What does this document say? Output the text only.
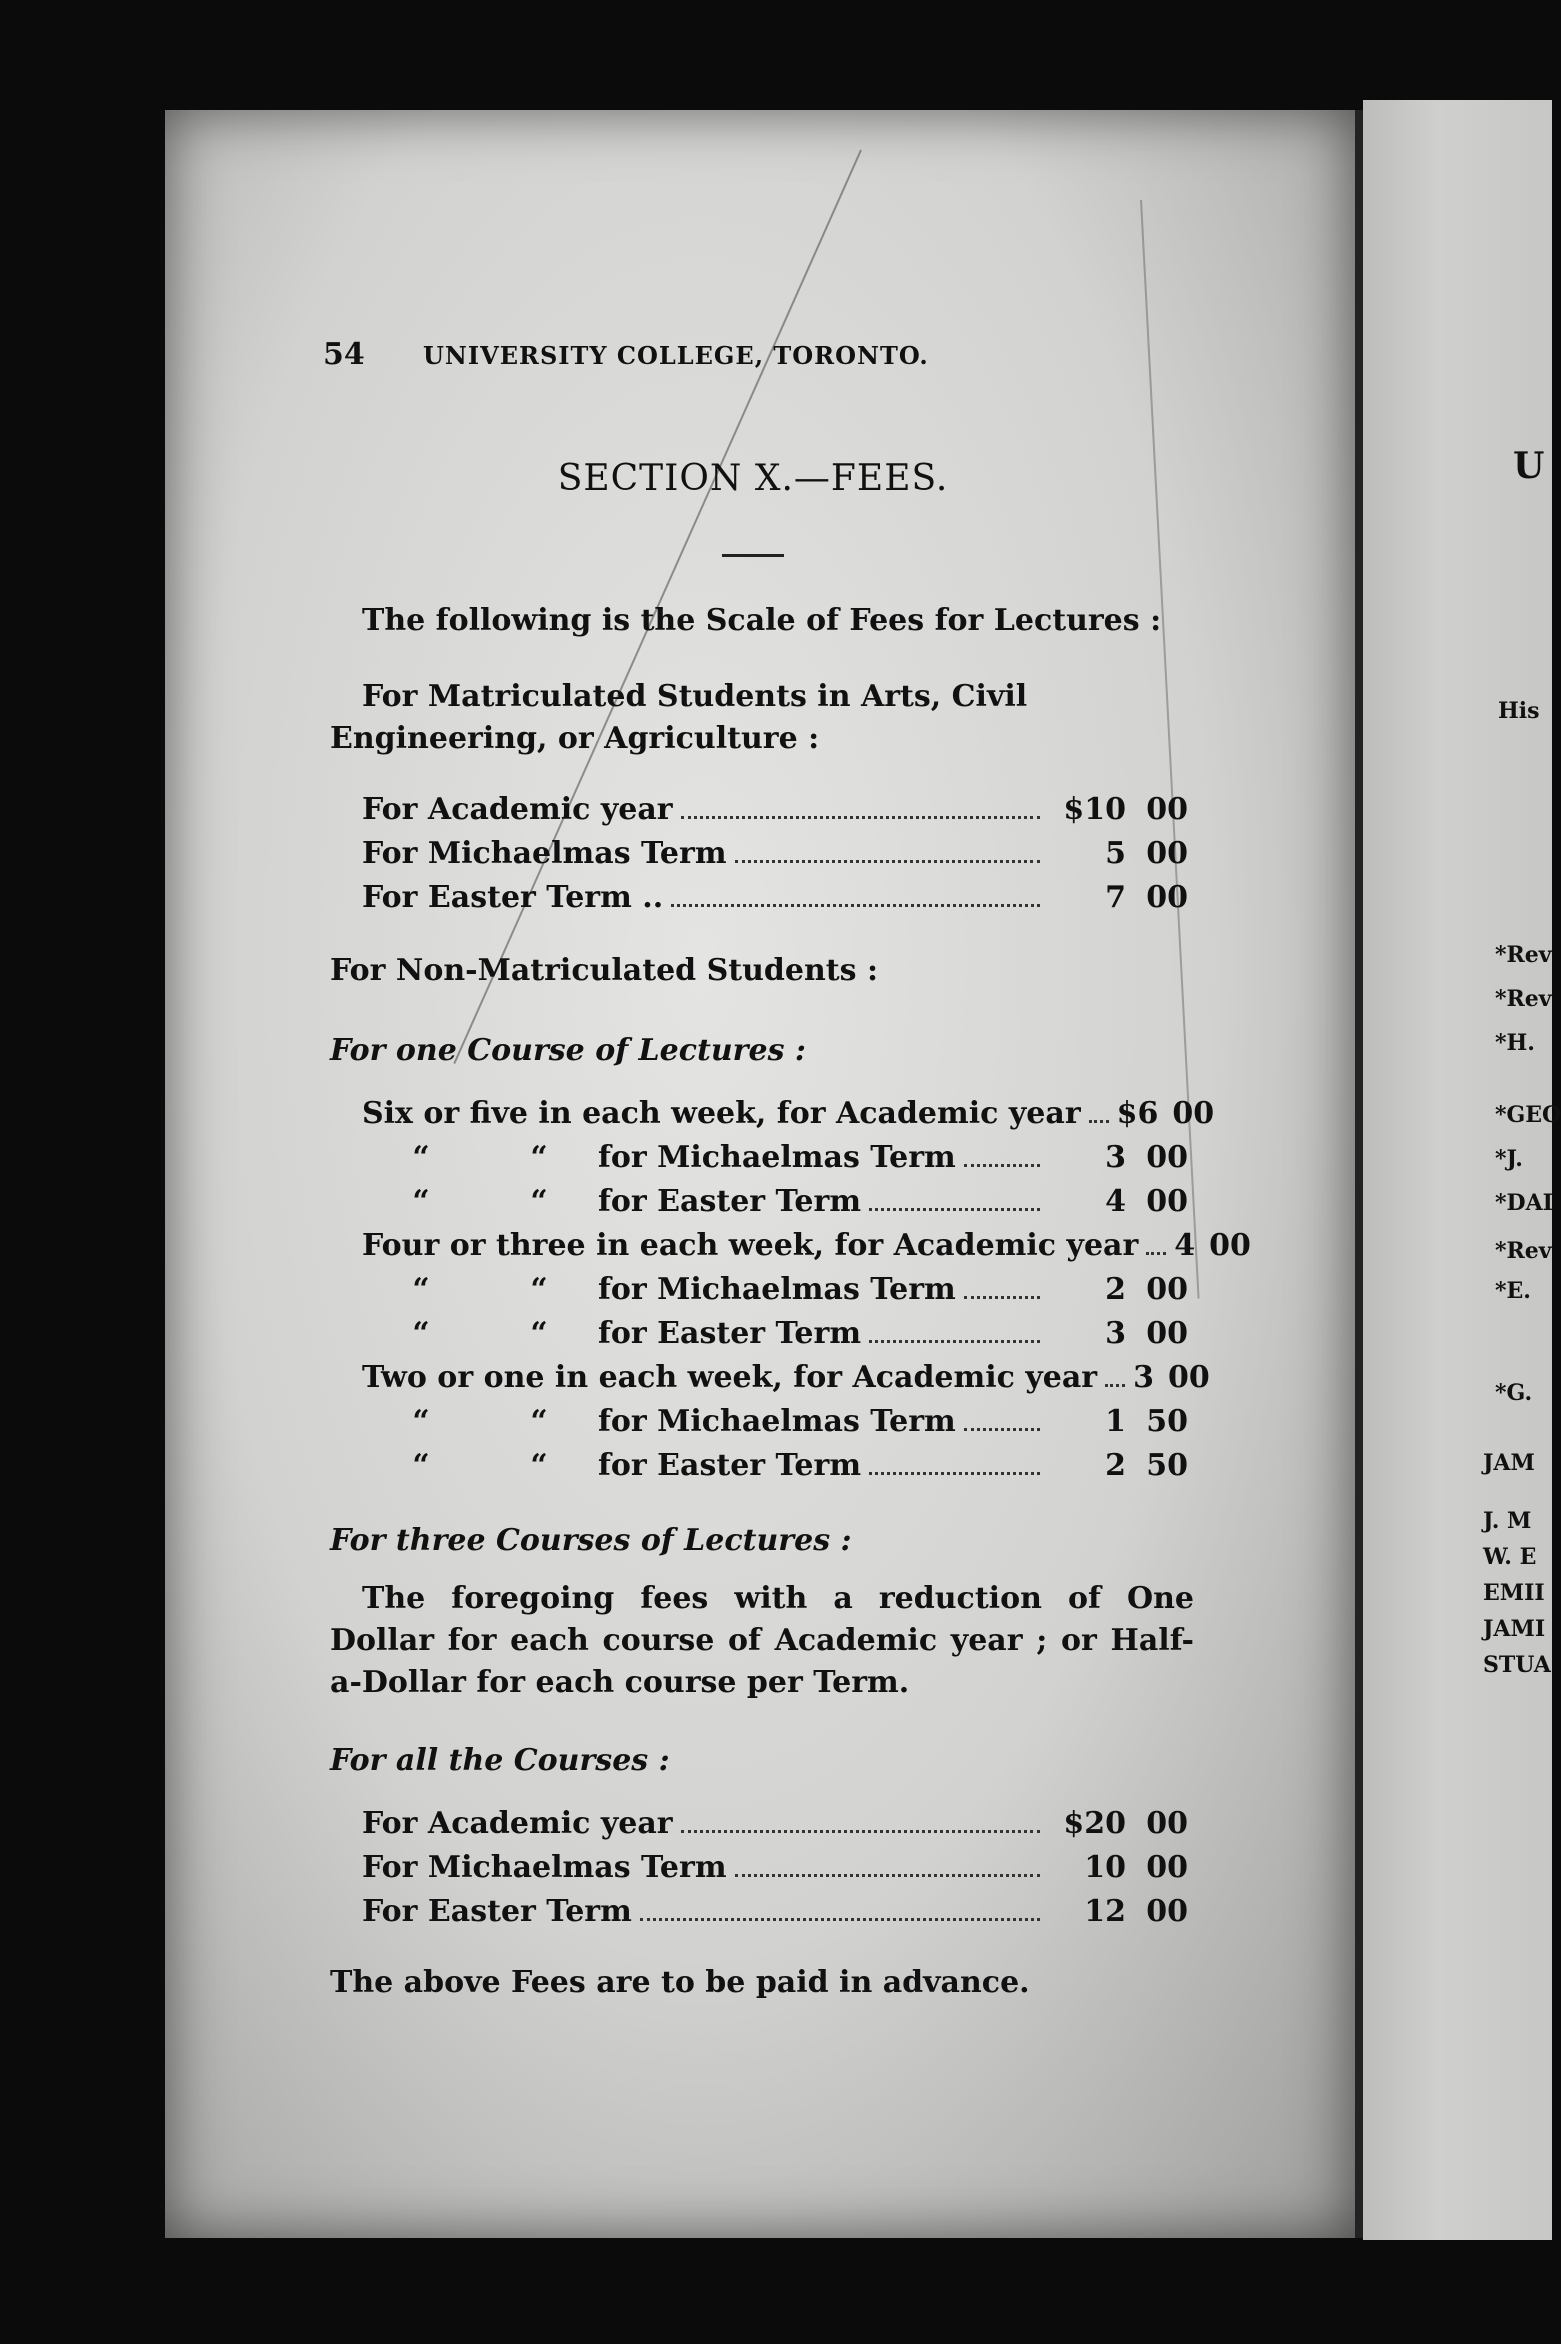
U
His
*Rev
*Rev
*H.
*GEO
*J.
*DAI
*Rev
*E.
*G.
JAM
J. M
W. E
EMII
JAMI
STUA
54	UNIVERSITY COLLEGE, TORONTO.
SECTION X.—FEES.
The following is the Scale of Fees for Lectures :
For Matriculated Students in Arts, Civil Engineering, or Agriculture :
For Academic year	$10 00
For Michaelmas Term	5 00
For Easter Term ..	7 00
For Non-Matriculated Students :
For one Course of Lectures :
Six or five in each week, for Academic year $6 00
“	“	for Michaelmas Term	3 00
“	“	for Easter Term	4 00
Four or three in each week, for Academic year 4 00
“	“	for Michaelmas Term	2 00
“	“	for Easter Term	3 00
Two or one in each week, for Academic year 3 00
“	“	for Michaelmas Term	1 50
“	“	for Easter Term	2 50
For three Courses of Lectures :
The foregoing fees with a reduction of One Dollar for each course of Academic year ; or Half-a-Dollar for each course per Term.
For all the Courses :
For Academic year	$20 00
For Michaelmas Term	10 00
For Easter Term	12 00
The above Fees are to be paid in advance.
